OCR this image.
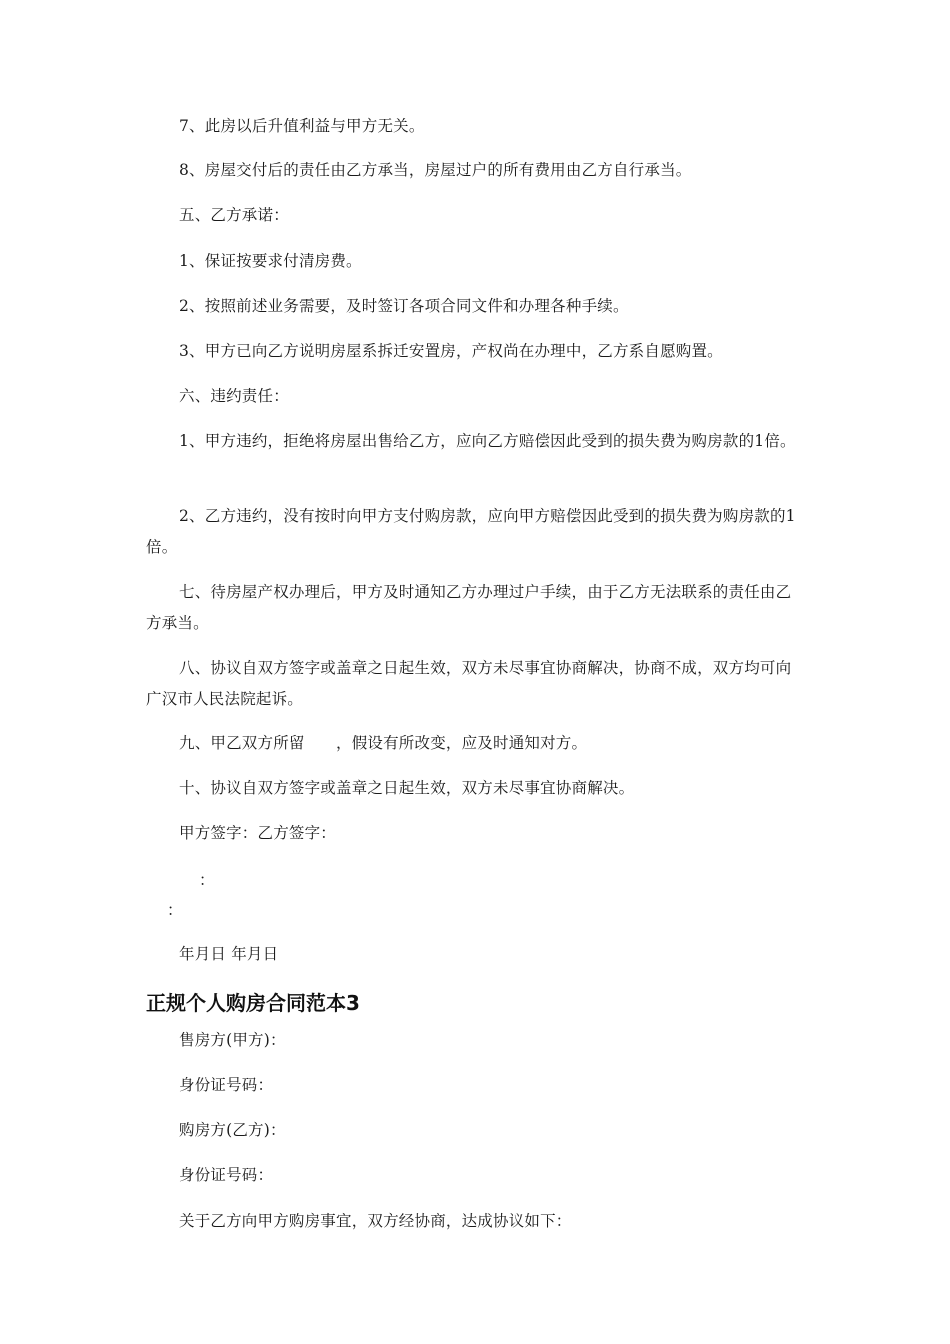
7、此房以后升值利益与甲方无关。

8、房屋交付后的责任由乙方承当，房屋过户的所有费用由乙方自行承当。

五、乙方承诺：

1、保证按要求付清房费。

2、按照前述业务需要，及时签订各项合同文件和办理各种手续。

3、甲方已向乙方说明房屋系拆迁安置房，产权尚在办理中，乙方系自愿购置。

六、违约责任：

1、甲方违约，拒绝将房屋出售给乙方，应向乙方赔偿因此受到的损失费为购房款的1倍。

2、乙方违约，没有按时向甲方支付购房款，应向甲方赔偿因此受到的损失费为购房款的1倍。

七、待房屋产权办理后，甲方及时通知乙方办理过户手续，由于乙方无法联系的责任由乙方承当。

八、协议自双方签字或盖章之日起生效，双方未尽事宜协商解决，协商不成，双方均可向广汉市人民法院起诉。

九、甲乙双方所留　　，假设有所改变，应及时通知对方。

十、协议自双方签字或盖章之日起生效，双方未尽事宜协商解决。

甲方签字：乙方签字：

：
：

年月日 年月日

正规个人购房合同范本3

售房方(甲方)：

身份证号码：

购房方(乙方)：

身份证号码：

关于乙方向甲方购房事宜，双方经协商，达成协议如下：
